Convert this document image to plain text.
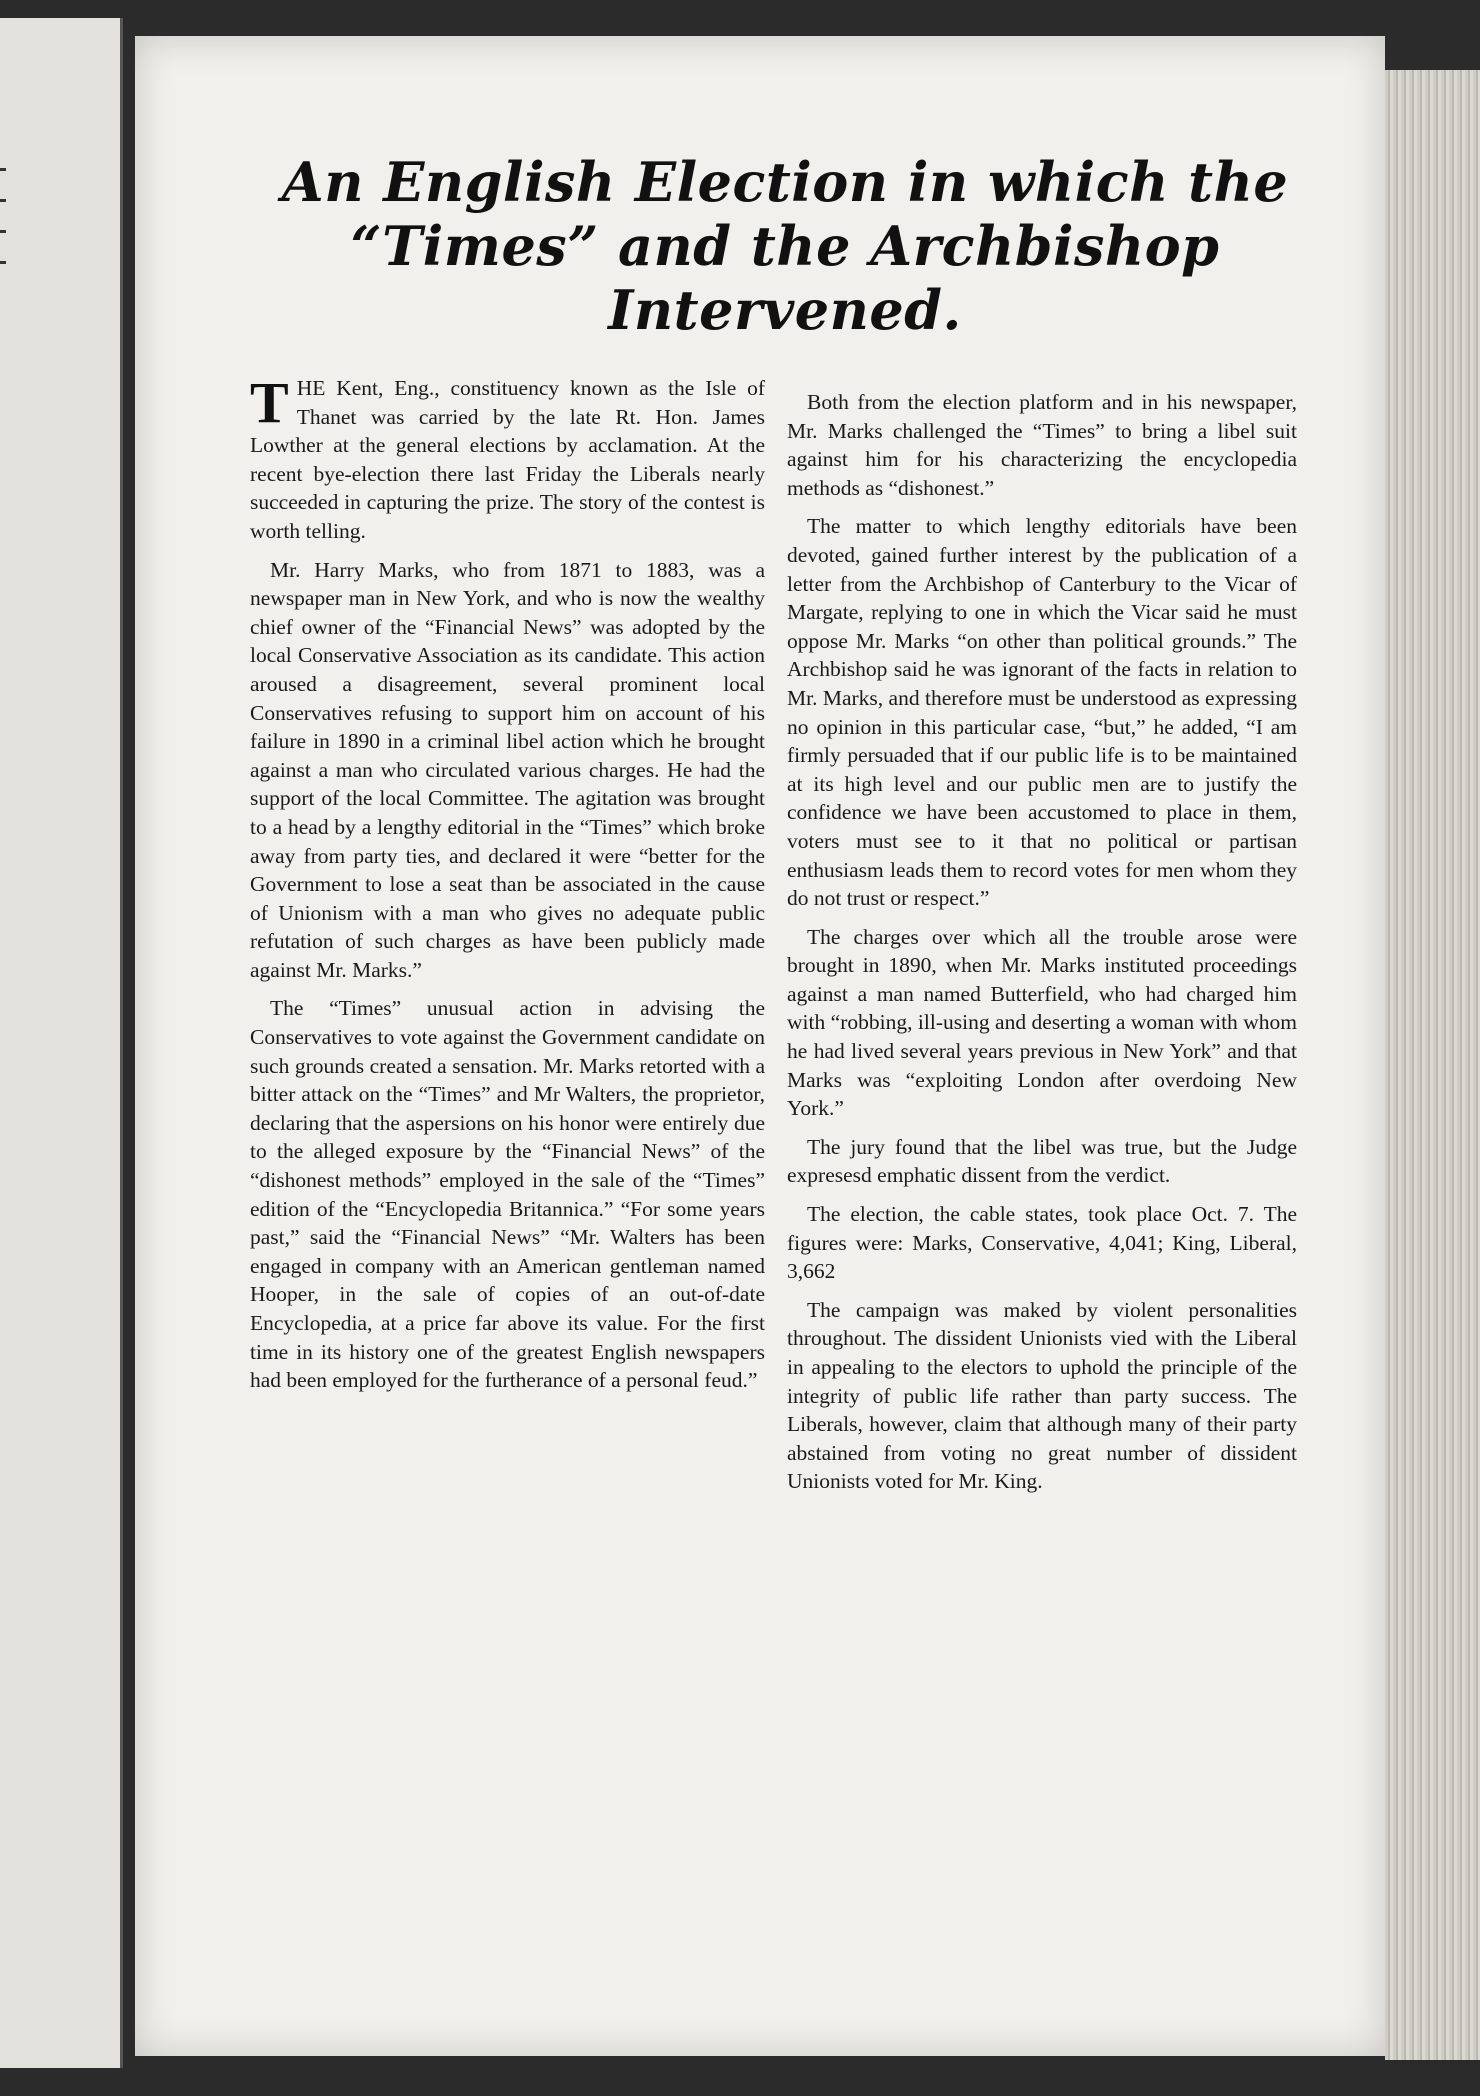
An English Election in which the
“Times” and the Archbishop
Intervened.

THE Kent, Eng., constituency known as the Isle of Thanet was carried by the late Rt. Hon. James Lowther at the general elections by acclamation. At the recent bye-election there last Friday the Liberals nearly succeeded in capturing the prize. The story of the contest is worth telling.

Mr. Harry Marks, who from 1871 to 1883, was a newspaper man in New York, and who is now the wealthy chief owner of the “Financial News” was adopted by the local Conservative Association as its candidate. This action aroused a disagreement, several prominent local Conservatives refusing to support him on account of his failure in 1890 in a criminal libel action which he brought against a man who circulated various charges. He had the support of the local Committee. The agitation was brought to a head by a lengthy editorial in the “Times” which broke away from party ties, and declared it were “better for the Government to lose a seat than be associated in the cause of Unionism with a man who gives no adequate public refutation of such charges as have been publicly made against Mr. Marks.”

The “Times” unusual action in advising the Conservatives to vote against the Government candidate on such grounds created a sensation. Mr. Marks retorted with a bitter attack on the “Times” and Mr Walters, the proprietor, declaring that the aspersions on his honor were entirely due to the alleged exposure by the “Financial News” of the “dishonest methods” employed in the sale of the “Times” edition of the “Encyclopedia Britannica.” “For some years past,” said the “Financial News” “Mr. Walters has been engaged in company with an American gentleman named Hooper, in the sale of copies of an out-of-date Encyclopedia, at a price far above its value. For the first time in its history one of the greatest English newspapers had been employed for the furtherance of a personal feud.”

Both from the election platform and in his newspaper, Mr. Marks challenged the “Times” to bring a libel suit against him for his characterizing the encyclopedia methods as “dishonest.”

The matter to which lengthy editorials have been devoted, gained further interest by the publication of a letter from the Archbishop of Canterbury to the Vicar of Margate, replying to one in which the Vicar said he must oppose Mr. Marks “on other than political grounds.” The Archbishop said he was ignorant of the facts in relation to Mr. Marks, and therefore must be understood as expressing no opinion in this particular case, “but,” he added, “I am firmly persuaded that if our public life is to be maintained at its high level and our public men are to justify the confidence we have been accustomed to place in them, voters must see to it that no political or partisan enthusiasm leads them to record votes for men whom they do not trust or respect.”

The charges over which all the trouble arose were brought in 1890, when Mr. Marks instituted proceedings against a man named Butterfield, who had charged him with “robbing, ill-using and deserting a woman with whom he had lived several years previous in New York” and that Marks was “exploiting London after overdoing New York.”

The jury found that the libel was true, but the Judge expresesd emphatic dissent from the verdict.

The election, the cable states, took place Oct. 7. The figures were: Marks, Conservative, 4,041; King, Liberal, 3,662

The campaign was maked by violent personalities throughout. The dissident Unionists vied with the Liberal in appealing to the electors to uphold the principle of the integrity of public life rather than party success. The Liberals, however, claim that although many of their party abstained from voting no great number of dissident Unionists voted for Mr. King.
